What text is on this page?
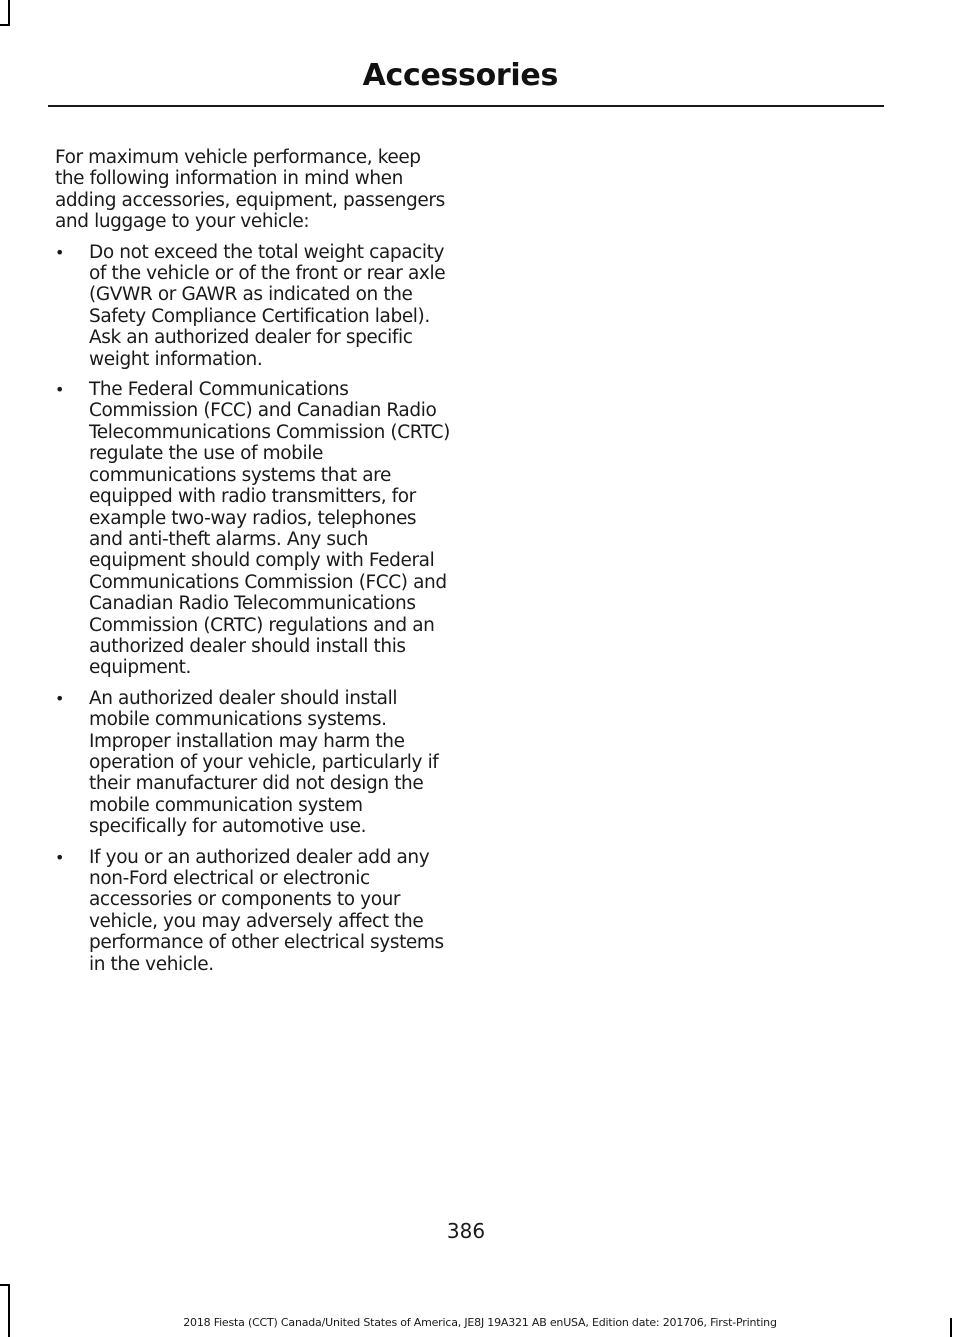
Accessories

For maximum vehicle performance, keep the following information in mind when adding accessories, equipment, passengers and luggage to your vehicle:

• Do not exceed the total weight capacity of the vehicle or of the front or rear axle (GVWR or GAWR as indicated on the Safety Compliance Certification label). Ask an authorized dealer for specific weight information.
• The Federal Communications Commission (FCC) and Canadian Radio Telecommunications Commission (CRTC) regulate the use of mobile communications systems that are equipped with radio transmitters, for example two-way radios, telephones and anti-theft alarms. Any such equipment should comply with Federal Communications Commission (FCC) and Canadian Radio Telecommunications Commission (CRTC) regulations and an authorized dealer should install this equipment.
• An authorized dealer should install mobile communications systems. Improper installation may harm the operation of your vehicle, particularly if their manufacturer did not design the mobile communication system specifically for automotive use.
• If you or an authorized dealer add any non-Ford electrical or electronic accessories or components to your vehicle, you may adversely affect the performance of other electrical systems in the vehicle.
386
2018 Fiesta (CCT) Canada/United States of America, JE8J 19A321 AB enUSA, Edition date: 201706, First-Printing
